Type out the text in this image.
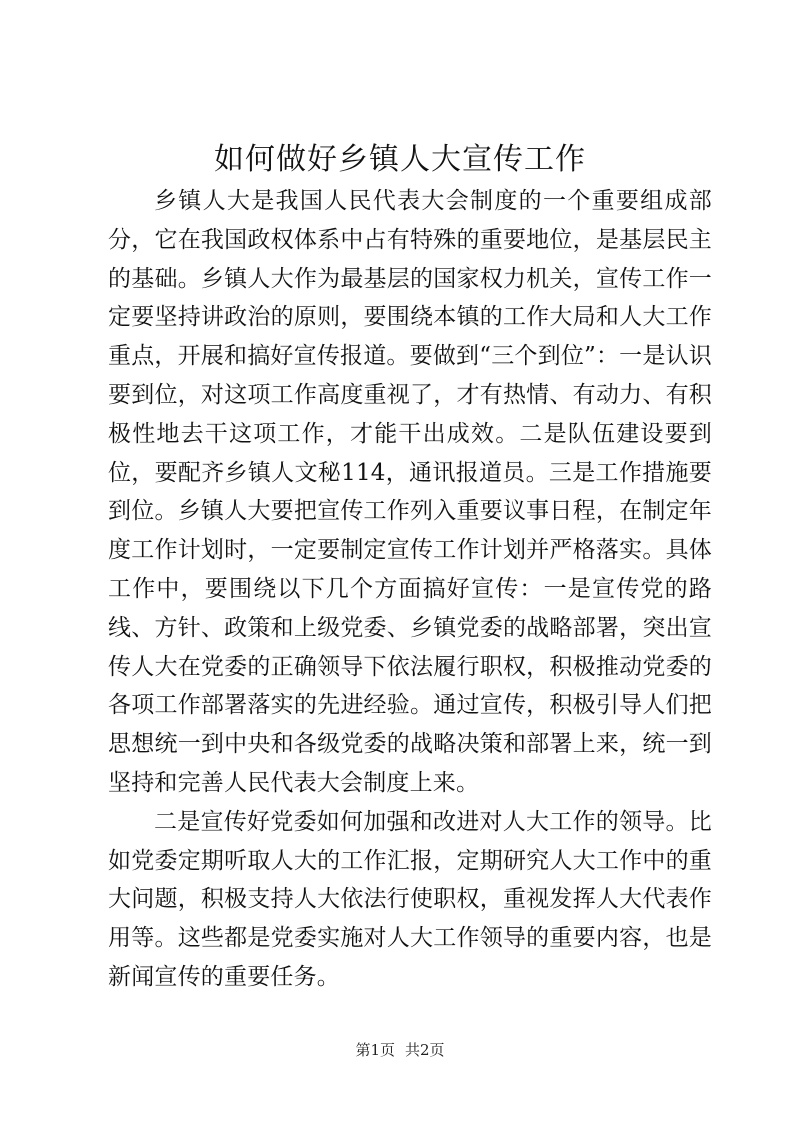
如何做好乡镇人大宣传工作

乡镇人大是我国人民代表大会制度的一个重要组成部分，它在我国政权体系中占有特殊的重要地位，是基层民主的基础。乡镇人大作为最基层的国家权力机关，宣传工作一定要坚持讲政治的原则，要围绕本镇的工作大局和人大工作重点，开展和搞好宣传报道。要做到“三个到位”：一是认识要到位，对这项工作高度重视了，才有热情、有动力、有积极性地去干这项工作，才能干出成效。二是队伍建设要到位，要配齐乡镇人文秘114，通讯报道员。三是工作措施要到位。乡镇人大要把宣传工作列入重要议事日程，在制定年度工作计划时，一定要制定宣传工作计划并严格落实。具体工作中，要围绕以下几个方面搞好宣传：一是宣传党的路线、方针、政策和上级党委、乡镇党委的战略部署，突出宣传人大在党委的正确领导下依法履行职权，积极推动党委的各项工作部署落实的先进经验。通过宣传，积极引导人们把思想统一到中央和各级党委的战略决策和部署上来，统一到坚持和完善人民代表大会制度上来。

二是宣传好党委如何加强和改进对人大工作的领导。比如党委定期听取人大的工作汇报，定期研究人大工作中的重大问题，积极支持人大依法行使职权，重视发挥人大代表作用等。这些都是党委实施对人大工作领导的重要内容，也是新闻宣传的重要任务。

第1页 共2页
